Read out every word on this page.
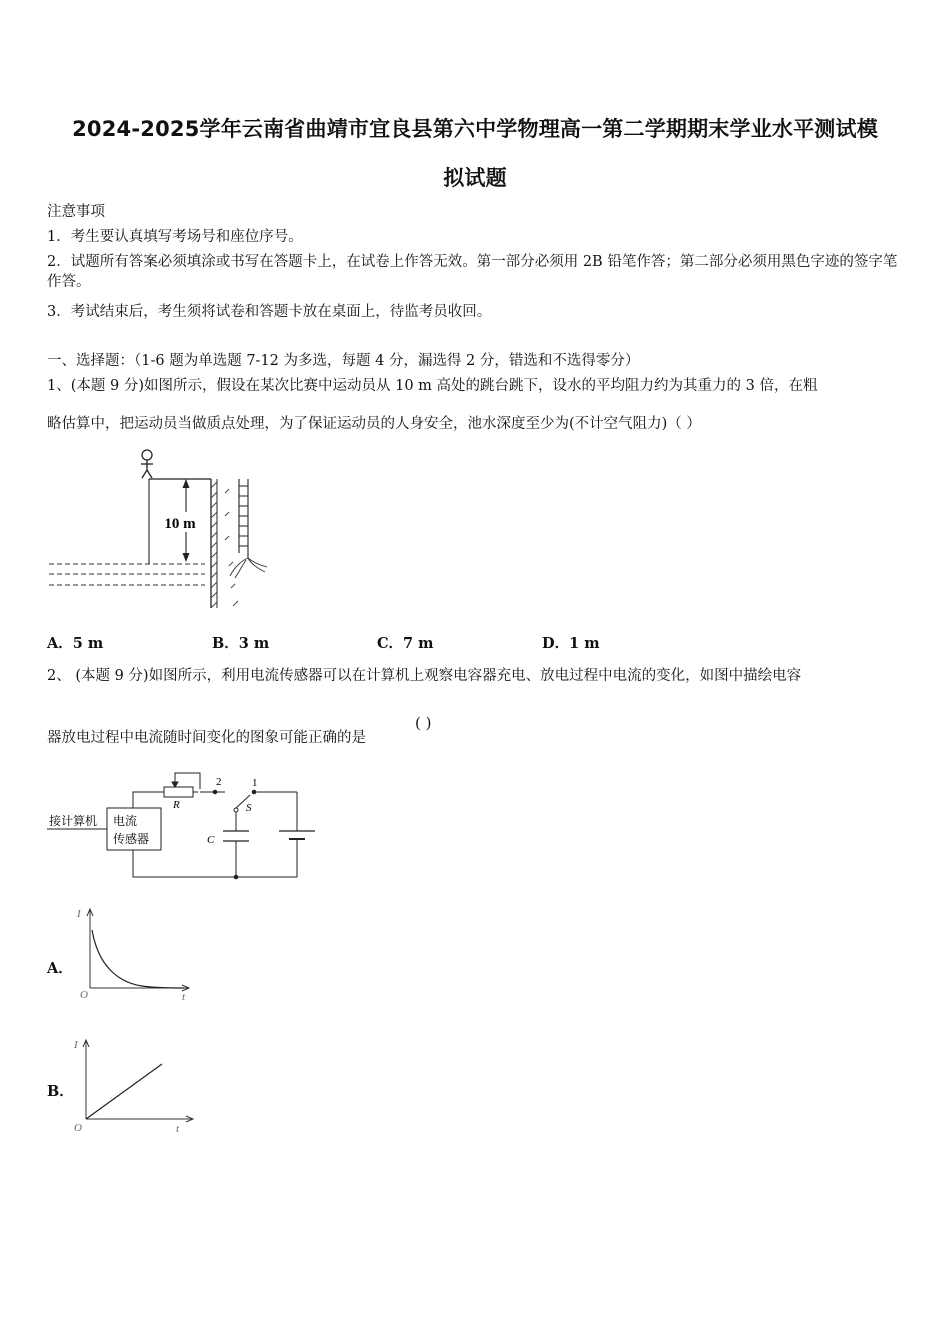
2024-2025学年云南省曲靖市宜良县第六中学物理高一第二学期期末学业水平测试模
拟试题
注意事项
1．考生要认真填写考场号和座位序号。
2．试题所有答案必须填涂或书写在答题卡上，在试卷上作答无效。第一部分必须用 2B 铅笔作答；第二部分必须用黑色字迹的签字笔作答。
3．考试结束后，考生须将试卷和答题卡放在桌面上，待监考员收回。
一、选择题：（1-6 题为单选题 7-12 为多选，每题 4 分，漏选得 2 分，错选和不选得零分）
1、(本题 9 分)如图所示，假设在某次比赛中运动员从 10 m 高处的跳台跳下，设水的平均阻力约为其重力的 3 倍，在粗
略估算中，把运动员当做质点处理，为了保证运动员的人身安全，池水深度至少为(不计空气阻力)（ ）
10 m
A．5 m	B．3 m	C．7 m	D．1 m
2、 (本题 9 分)如图所示，利用电流传感器可以在计算机上观察电容器充电、放电过程中电流的变化，如图中描绘电容
器放电过程中电流随时间变化的图象可能正确的是
( )
接计算机 电流
传感器
R
C
S
2	1
A．
I
O	t
B．
I
O	t
